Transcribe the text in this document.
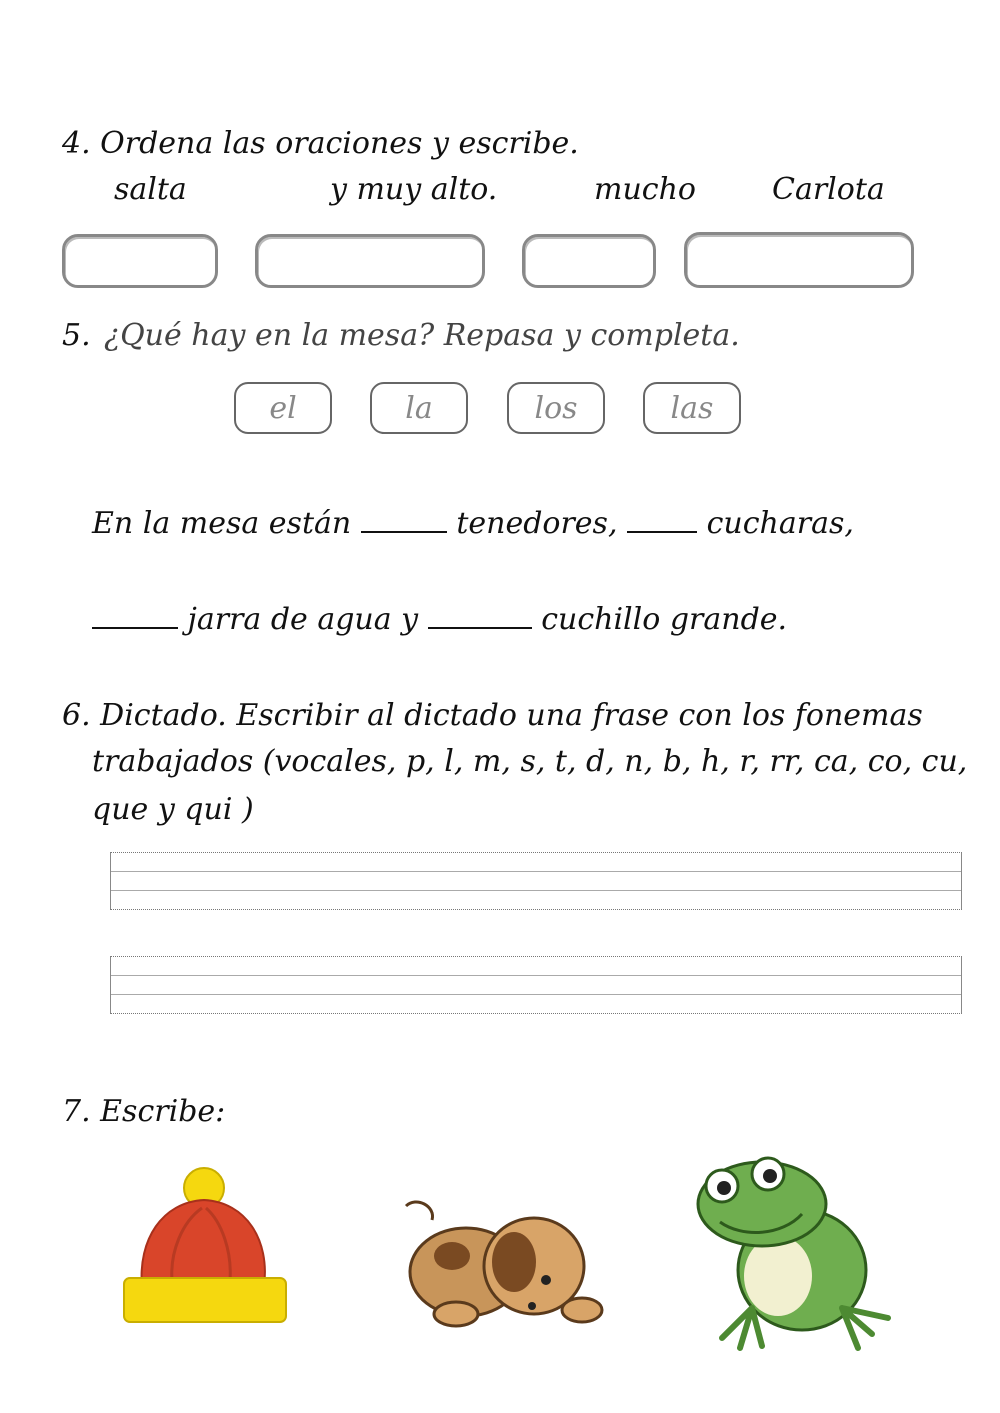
4. Ordena las oraciones y escribe.
salta	y muy alto.	mucho	Carlota
5. ¿Qué hay en la mesa? Repasa y completa.
el	la	los	las
En la mesa están	tenedores,	cucharas,
jarra de agua y	cuchillo grande.
6. Dictado. Escribir al dictado una frase con los fonemas
trabajados (vocales, p, l, m, s, t, d, n, b, h, r, rr, ca, co, cu,
que y qui )
7. Escribe:
